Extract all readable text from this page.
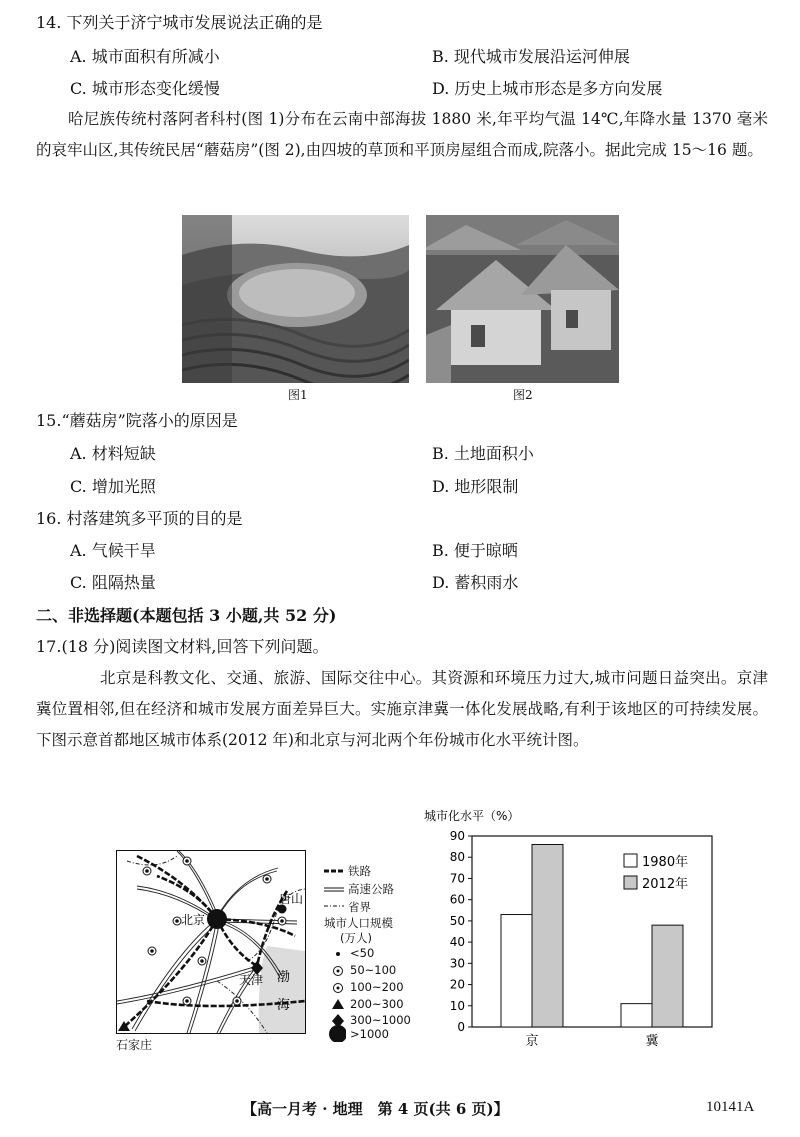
14. 下列关于济宁城市发展说法正确的是
A. 城市面积有所减小	B. 现代城市发展沿运河伸展
C. 城市形态变化缓慢	D. 历史上城市形态是多方向发展
哈尼族传统村落阿者科村(图 1)分布在云南中部海拔 1880 米,年平均气温 14℃,年降水量 1370 毫米的哀牢山区,其传统民居“蘑菇房”(图 2),由四坡的草顶和平顶房屋组合而成,院落小。据此完成 15～16 题。
图1	图2
15.“蘑菇房”院落小的原因是
A. 材料短缺	B. 土地面积小
C. 增加光照	D. 地形限制
16. 村落建筑多平顶的目的是
A. 气候干旱	B. 便于晾晒
C. 阻隔热量	D. 蓄积雨水
二、非选择题(本题包括 3 小题,共 52 分)
17.(18 分)阅读图文材料,回答下列问题。
北京是科教文化、交通、旅游、国际交往中心。其资源和环境压力过大,城市问题日益突出。京津冀位置相邻,但在经济和城市发展方面差异巨大。实施京津冀一体化发展战略,有利于该地区的可持续发展。下图示意首都地区城市体系(2012 年)和北京与河北两个年份城市化水平统计图。
北京
唐山
天津 渤
海
石家庄
铁路
高速公路
省界
城市人口规模
(万人)
<50
50~100
100~200
200~300
300~1000
>1000
城市化水平（%）
0
10
20
30
40
50
60
70
80
90
京	冀
1980年
2012年
【高一月考 · 地理　第 4 页(共 6 页)】	10141A
